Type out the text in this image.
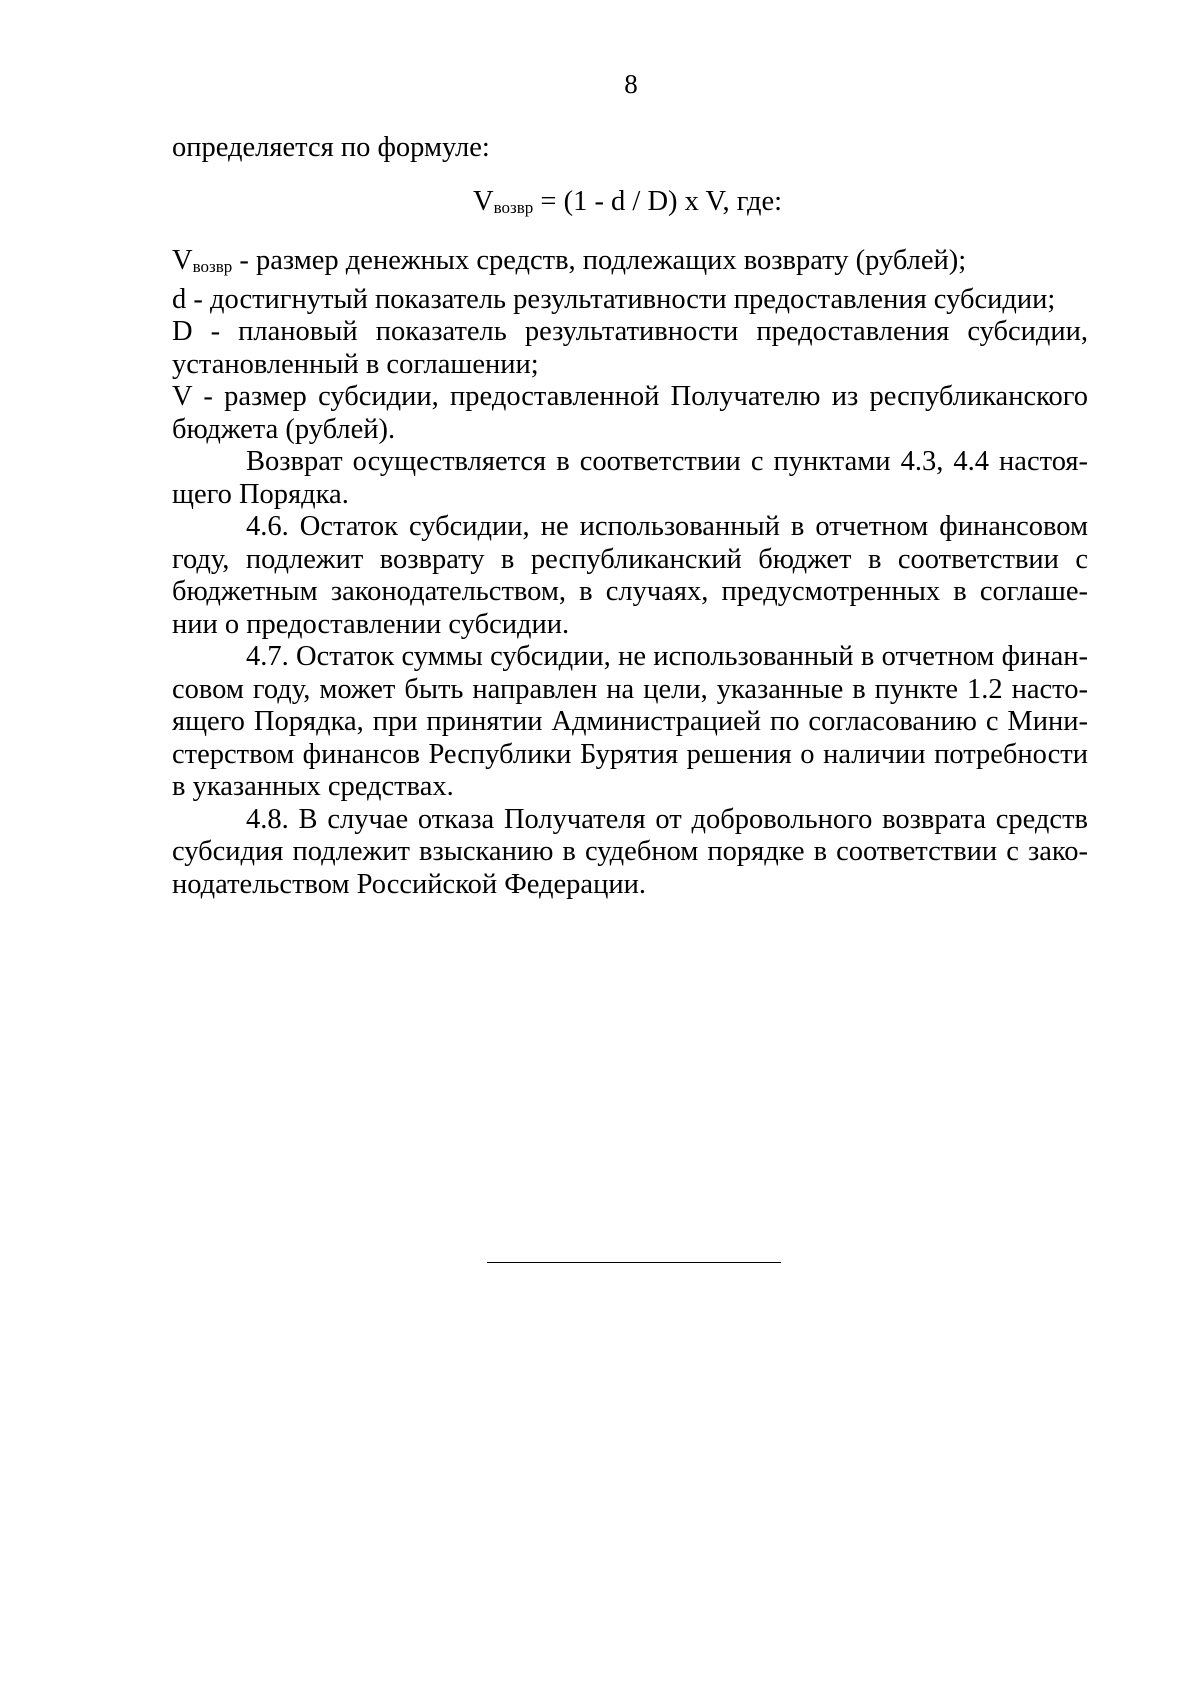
8

определяется по формуле:

$V_{возвр} = (1 - d / D)$ x V, где:

$V_{возвр}$ - размер денежных средств, подлежащих возврату (рублей);

d - достигнутый показатель результативности предоставления субсидии;

D - плановый показатель результативности предоставления субсидии,

установленный в соглашении;

V - размер субсидии, предоставленной Получателю из республиканского

бюджета (рублей).

Возврат осуществляется в соответствии с пунктами 4.3, 4.4 настоя-

щего Порядка.

4.6. Остаток субсидии, не использованный в отчетном финансовом

году, подлежит возврату в республиканский бюджет в соответствии с

бюджетным законодательством, в случаях, предусмотренных в соглаше-

нии о предоставлении субсидии.

4.7. Остаток суммы субсидии, не использованный в отчетном финан-

совом году, может быть направлен на цели, указанные в пункте 1.2 насто-

ящего Порядка, при принятии Администрацией по согласованию с Мини-

стерством финансов Республики Бурятия решения о наличии потребности

в указанных средствах.

4.8. В случае отказа Получателя от добровольного возврата средств

субсидия подлежит взысканию в судебном порядке в соответствии с зако-

нодательством Российской Федерации.
